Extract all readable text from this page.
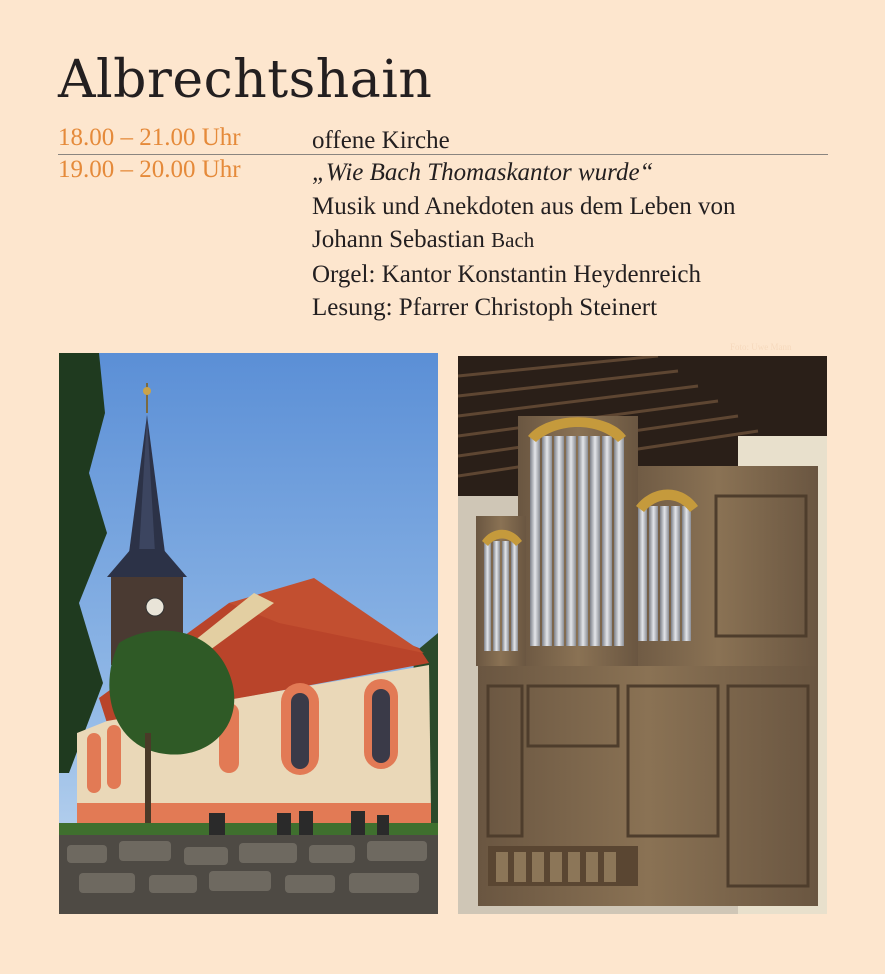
Albrechtshain
18.00 – 21.00 Uhr	offene Kirche
19.00 – 20.00 Uhr	„Wie Bach Thomaskantor wurde“
Musik und Anekdoten aus dem Leben von
Johann Sebastian Bach
Orgel: Kantor Konstantin Heydenreich
Lesung: Pfarrer Christoph Steinert
Foto: Uwe Mann
